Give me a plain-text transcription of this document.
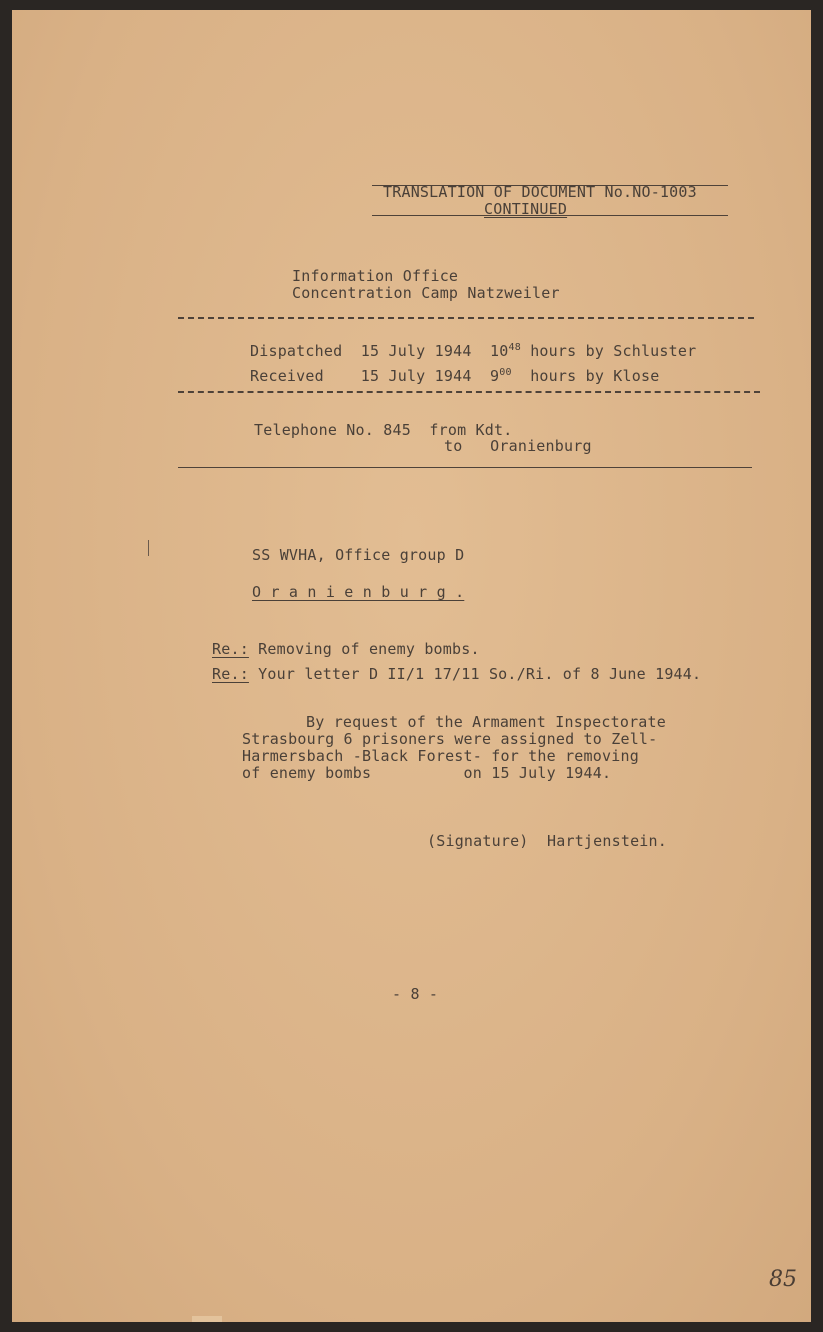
TRANSLATION OF DOCUMENT No.NO-1003
CONTINUED
Information Office
Concentration Camp Natzweiler
Dispatched 15 July 1944 $10^{48}$ hours by Schluster
Received 15 July 1944 $9^{00}$ hours by Klose
Telephone No. 845  from Kdt.
to   Oranienburg
SS WVHA, Office group D
O r a n i e n b u r g .
Re.: Removing of enemy bombs.
Re.: Your letter D II/1 17/11 So./Ri. of 8 June 1944.
By request of the Armament Inspectorate
Strasbourg 6 prisoners were assigned to Zell-
Harmersbach -Black Forest- for the removing
of enemy bombs          on 15 July 1944.
(Signature)  Hartjenstein.
- 8 -
85
